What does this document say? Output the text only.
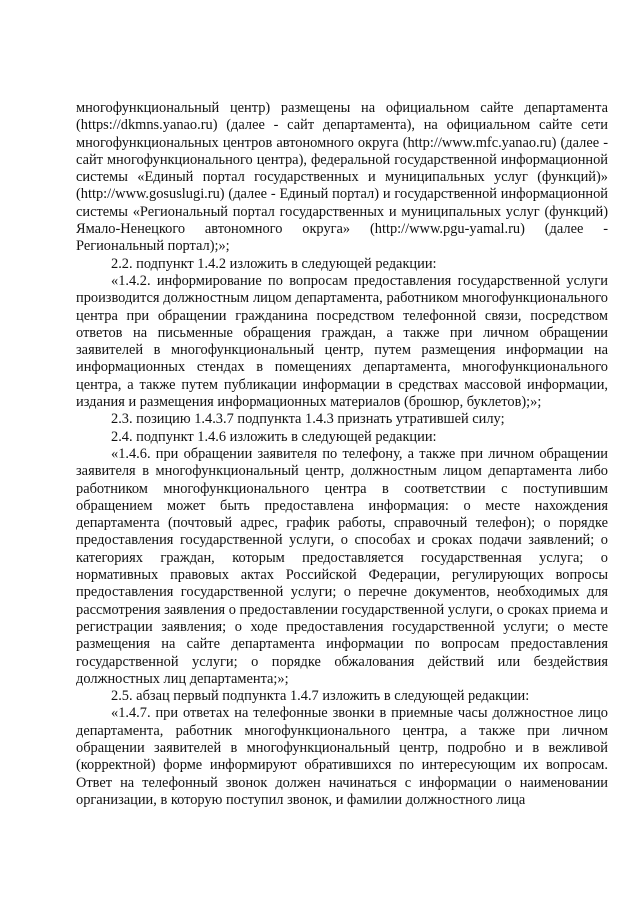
многофункциональный центр) размещены на официальном сайте департамента (https://dkmns.yanao.ru) (далее - сайт департамента), на официальном сайте сети многофункциональных центров автономного округа (http://www.mfc.yanao.ru) (далее - сайт многофункционального центра), федеральной государственной информационной системы «Единый портал государственных и муниципальных услуг (функций)» (http://www.gosuslugi.ru) (далее - Единый портал) и государственной информационной системы «Региональный портал государственных и муниципальных услуг (функций) Ямало-Ненецкого автономного округа» (http://www.pgu-yamal.ru) (далее - Региональный портал);»;

2.2. подпункт 1.4.2 изложить в следующей редакции:

«1.4.2. информирование по вопросам предоставления государственной услуги производится должностным лицом департамента, работником многофункционального центра при обращении гражданина посредством телефонной связи, посредством ответов на письменные обращения граждан, а также при личном обращении заявителей в многофункциональный центр, путем размещения информации на информационных стендах в помещениях департамента, многофункционального центра, а также путем публикации информации в средствах массовой информации, издания и размещения информационных материалов (брошюр, буклетов);»;

2.3. позицию 1.4.3.7 подпункта 1.4.3 признать утратившей силу;

2.4. подпункт 1.4.6 изложить в следующей редакции:

«1.4.6. при обращении заявителя по телефону, а также при личном обращении заявителя в многофункциональный центр, должностным лицом департамента либо работником многофункционального центра в соответствии с поступившим обращением может быть предоставлена информация: о месте нахождения департамента (почтовый адрес, график работы, справочный телефон); о порядке предоставления государственной услуги, о способах и сроках подачи заявлений; о категориях граждан, которым предоставляется государственная услуга; о нормативных правовых актах Российской Федерации, регулирующих вопросы предоставления государственной услуги; о перечне документов, необходимых для рассмотрения заявления о предоставлении государственной услуги, о сроках приема и регистрации заявления; о ходе предоставления государственной услуги; о месте размещения на сайте департамента информации по вопросам предоставления государственной услуги; о порядке обжалования действий или бездействия должностных лиц департамента;»;

2.5. абзац первый подпункта 1.4.7 изложить в следующей редакции:

«1.4.7. при ответах на телефонные звонки в приемные часы должностное лицо департамента, работник многофункционального центра, а также при личном обращении заявителей в многофункциональный центр, подробно и в вежливой (корректной) форме информируют обратившихся по интересующим их вопросам. Ответ на телефонный звонок должен начинаться с информации о наименовании организации, в которую поступил звонок, и фамилии должностного лица
